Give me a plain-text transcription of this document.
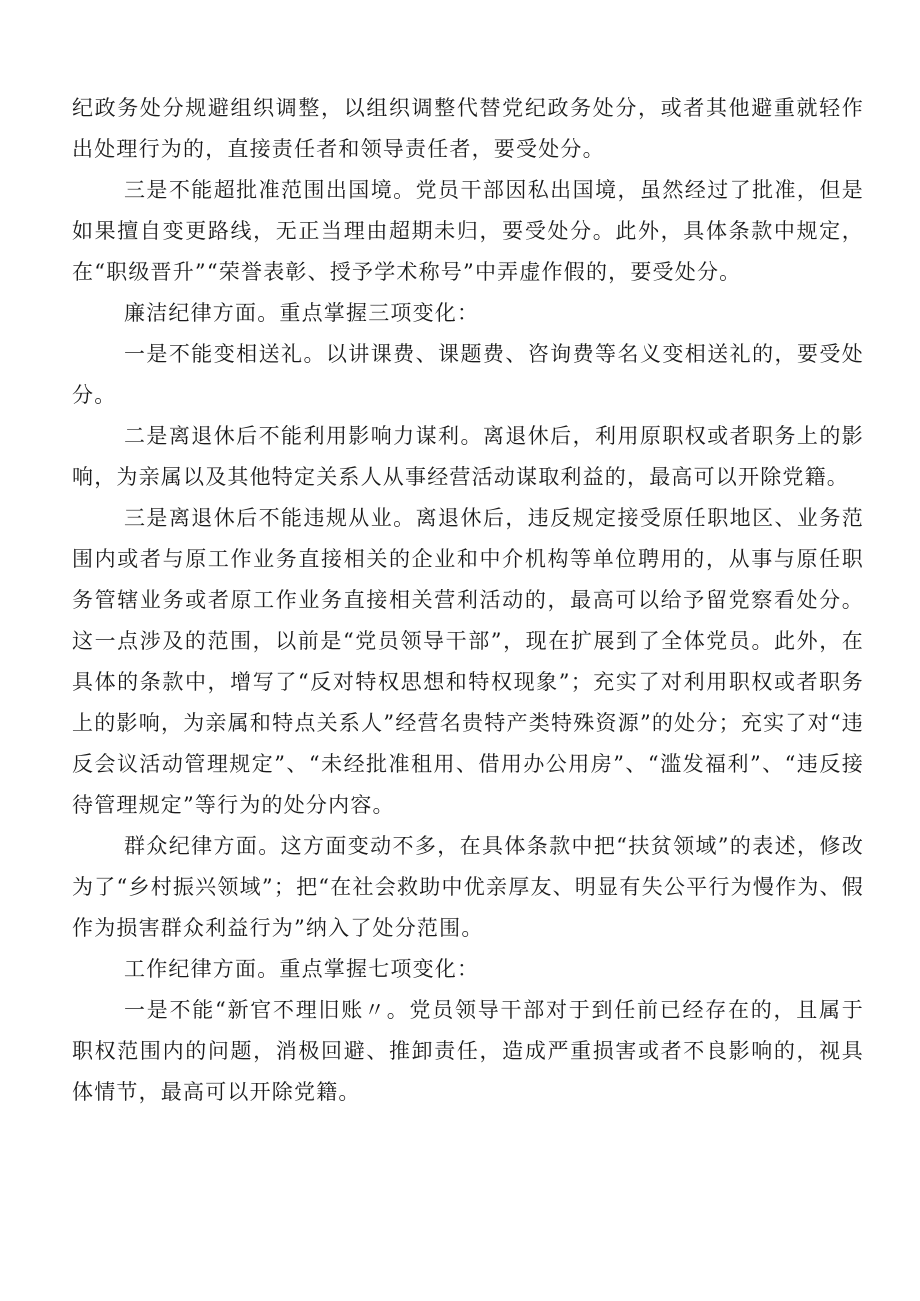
纪政务处分规避组织调整，以组织调整代替党纪政务处分，或者其他避重就轻作出处理行为的，直接责任者和领导责任者，要受处分。

三是不能超批准范围出国境。党员干部因私出国境，虽然经过了批准，但是如果擅自变更路线，无正当理由超期未归，要受处分。此外，具体条款中规定，在“职级晋升”“荣誉表彰、授予学术称号”中弄虚作假的，要受处分。

廉洁纪律方面。重点掌握三项变化：

一是不能变相送礼。以讲课费、课题费、咨询费等名义变相送礼的，要受处分。

二是离退休后不能利用影响力谋利。离退休后，利用原职权或者职务上的影响，为亲属以及其他特定关系人从事经营活动谋取利益的，最高可以开除党籍。

三是离退休后不能违规从业。离退休后，违反规定接受原任职地区、业务范围内或者与原工作业务直接相关的企业和中介机构等单位聘用的，从事与原任职务管辖业务或者原工作业务直接相关营利活动的，最高可以给予留党察看处分。这一点涉及的范围，以前是“党员领导干部”，现在扩展到了全体党员。此外，在具体的条款中，增写了“反对特权思想和特权现象”；充实了对利用职权或者职务上的影响，为亲属和特点关系人”经营名贵特产类特殊资源”的处分；充实了对“违反会议活动管理规定”、“未经批准租用、借用办公用房”、“滥发福利”、“违反接待管理规定”等行为的处分内容。

群众纪律方面。这方面变动不多，在具体条款中把“扶贫领域”的表述，修改为了“乡村振兴领域”；把“在社会救助中优亲厚友、明显有失公平行为慢作为、假作为损害群众利益行为”纳入了处分范围。

工作纪律方面。重点掌握七项变化：

一是不能“新官不理旧账〃。党员领导干部对于到任前已经存在的，且属于职权范围内的问题，消极回避、推卸责任，造成严重损害或者不良影响的，视具体情节，最高可以开除党籍。
